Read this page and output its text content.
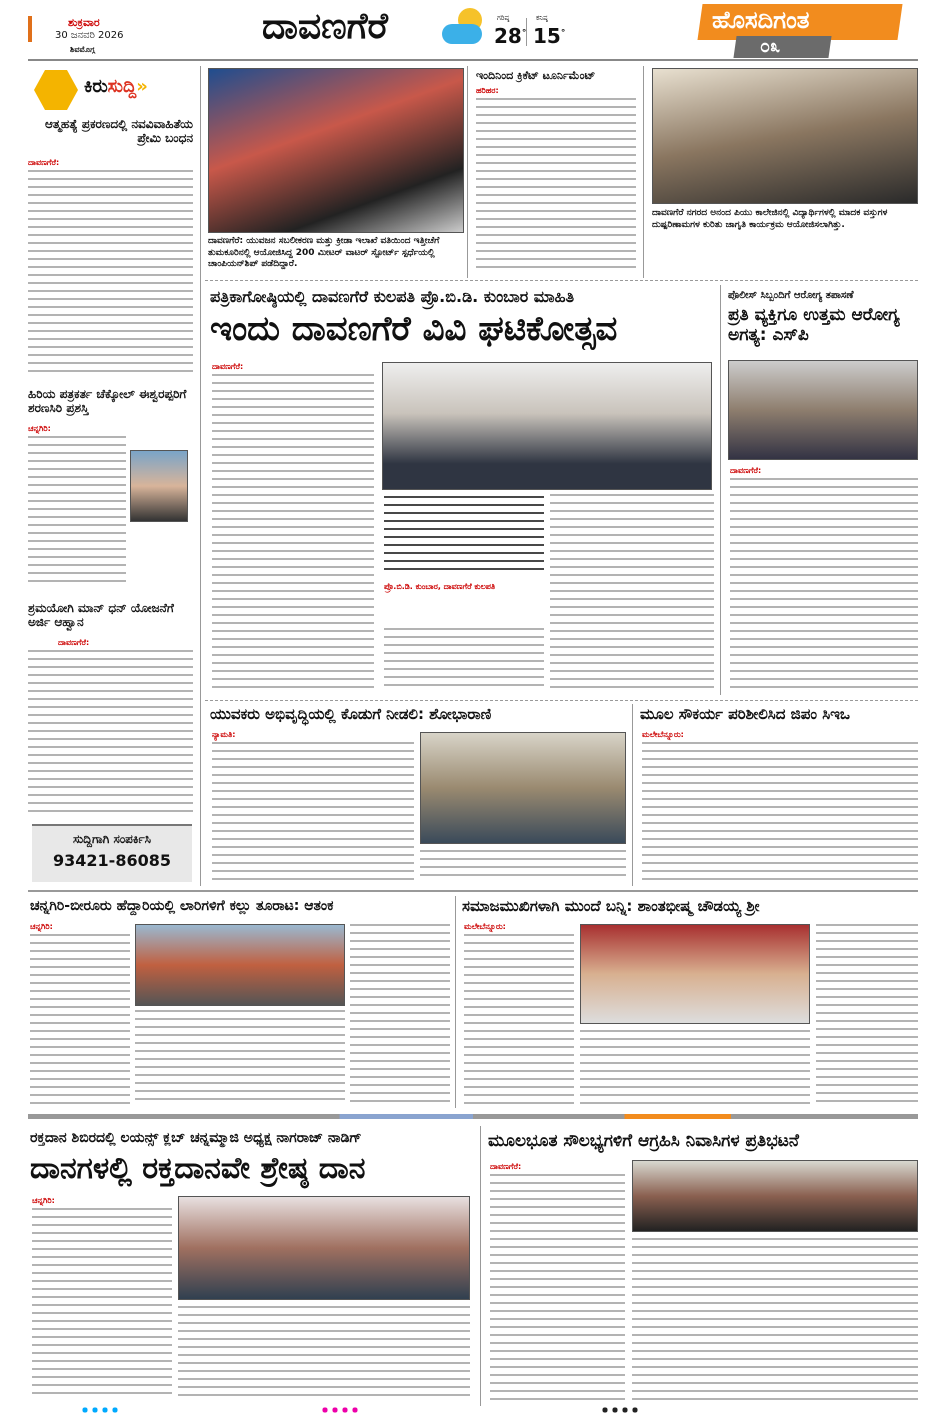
ಶುಕ್ರವಾರ
30 ಜನವರಿ 2026
ಶಿವಮೊಗ್ಗ
ದಾವಣಗೆರೆ	ಗರಿಷ್ಠ
28°
ಕನಿಷ್ಠ
15°	ಹೊಸದಿಗಂತ
೦೩
ಕಿರುಸುದ್ದಿ»
ಆತ್ಮಹತ್ಯೆ ಪ್ರಕರಣದಲ್ಲಿ ನವವಿವಾಹಿತೆಯ ಪ್ರೇಮಿ ಬಂಧನ
ದಾವಣಗೆರೆ:
ಹಿರಿಯ ಪತ್ರಕರ್ತ ಚೆಕ್ಕೋಲ್ ಈಶ್ವರಪ್ಪರಿಗೆ ಶರಣಸಿರಿ ಪ್ರಶಸ್ತಿ
ಚನ್ನಗಿರಿ:
ಶ್ರಮಯೋಗಿ ಮಾನ್ ಧನ್ ಯೋಜನೆಗೆ ಅರ್ಜಿ ಆಹ್ವಾನ
ದಾವಣಗೆರೆ:
ಸುದ್ದಿಗಾಗಿ ಸಂಪರ್ಕಿಸಿ
93421-86085
ದಾವಣಗೆರೆ: ಯುವಜನ ಸಬಲೀಕರಣ ಮತ್ತು ಕ್ರೀಡಾ ಇಲಾಖೆ ವತಿಯಿಂದ ಇತ್ತೀಚೆಗೆ ತುಮಕೂರಿನಲ್ಲಿ ಆಯೋಜಿಸಿದ್ದ 200 ಮೀಟರ್ ವಾಟರ್ ಸ್ಪೋರ್ಟ್ ಸ್ಪರ್ಧೆಯಲ್ಲಿ ಚಾಂಪಿಯನ್‌ಶಿಪ್ ಪಡೆದಿದ್ದಾರೆ.
ಇಂದಿನಿಂದ ಕ್ರಿಕೆಟ್ ಟೂರ್ನಿಮೆಂಟ್
ಹರಿಹರ:
ದಾವಣಗೆರೆ ನಗರದ ಅನಂದ ಪಿಯು ಕಾಲೇಜಿನಲ್ಲಿ ವಿದ್ಯಾರ್ಥಿಗಳಲ್ಲಿ ಮಾದಕ ವಸ್ತುಗಳ ದುಷ್ಪರಿಣಾಮಗಳ ಕುರಿತು ಜಾಗೃತಿ ಕಾರ್ಯಕ್ರಮ ಆಯೋಜಿಸಲಾಗಿತ್ತು.
ಪತ್ರಿಕಾಗೋಷ್ಠಿಯಲ್ಲಿ ದಾವಣಗೆರೆ ಕುಲಪತಿ ಪ್ರೊ.ಬಿ.ಡಿ. ಕುಂಬಾರ ಮಾಹಿತಿ
ಇಂದು ದಾವಣಗೆರೆ ವಿವಿ ಘಟಿಕೋತ್ಸವ
ದಾವಣಗೆರೆ:
ಪ್ರೊ.ಬಿ.ಡಿ. ಕುಂಬಾರ, ದಾವಣಗೆರೆ ಕುಲಪತಿ
ಪೊಲೀಸ್ ಸಿಬ್ಬಂದಿಗೆ ಆರೋಗ್ಯ ತಪಾಸಣೆ
ಪ್ರತಿ ವ್ಯಕ್ತಿಗೂ ಉತ್ತಮ ಆರೋಗ್ಯ ಅಗತ್ಯ: ಎಸ್‌ಪಿ
ದಾವಣಗೆರೆ:
ಯುವಕರು ಅಭಿವೃದ್ಧಿಯಲ್ಲಿ ಕೊಡುಗೆ ನೀಡಲಿ: ಶೋಭಾರಾಣಿ
ನ್ಯಾಮತಿ:
ಮೂಲ ಸೌಕರ್ಯ ಪರಿಶೀಲಿಸಿದ ಜಿಪಂ ಸಿಇಒ
ಮಲೇಬೆನ್ನೂರು:
ಚನ್ನಗಿರಿ-ಬೀರೂರು ಹೆದ್ದಾರಿಯಲ್ಲಿ ಲಾರಿಗಳಿಗೆ ಕಲ್ಲು ತೂರಾಟ: ಆತಂಕ
ಚನ್ನಗಿರಿ:
ಸಮಾಜಮುಖಿಗಳಾಗಿ ಮುಂದೆ ಬನ್ನಿ: ಶಾಂತಭೀಷ್ಮ ಚೌಡಯ್ಯ ಶ್ರೀ
ಮಲೇಬೆನ್ನೂರು:
ರಕ್ತದಾನ ಶಿಬಿರದಲ್ಲಿ ಲಯನ್ಸ್ ಕ್ಲಬ್ ಚನ್ನಮ್ಮಾಜಿ ಅಧ್ಯಕ್ಷ ನಾಗರಾಜ್ ನಾಡಿಗ್
ದಾನಗಳಲ್ಲಿ ರಕ್ತದಾನವೇ ಶ್ರೇಷ್ಠ ದಾನ
ಚನ್ನಗಿರಿ:
ಮೂಲಭೂತ ಸೌಲಭ್ಯಗಳಿಗೆ ಆಗ್ರಹಿಸಿ ನಿವಾಸಿಗಳ ಪ್ರತಿಭಟನೆ
ದಾವಣಗೆರೆ:
